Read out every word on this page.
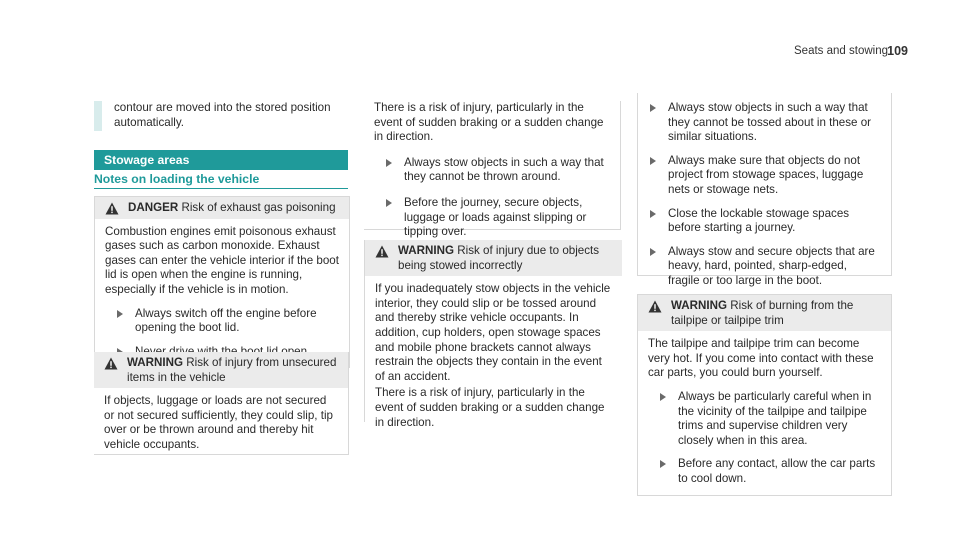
Seats and stowing 109

contour are moved into the stored position automatically.

Stowage areas
Notes on loading the vehicle

DANGER Risk of exhaust gas poisoning

Combustion engines emit poisonous exhaust gases such as carbon monoxide. Exhaust gases can enter the vehicle interior if the boot lid is open when the engine is running, especially if the vehicle is in motion.

Always switch off the engine before opening the boot lid.

WARNING Risk of injury from unsecured items in the vehicle

If objects, luggage or loads are not secured or not secured sufficiently, they could slip, tip over or be thrown around and thereby hit vehicle occupants.

There is a risk of injury, particularly in the event of sudden braking or a sudden change in direction.

Always stow objects in such a way that they cannot be thrown around.

Before the journey, secure objects, luggage or loads against slipping or tipping over.

WARNING Risk of injury due to objects being stowed incorrectly

If you inadequately stow objects in the vehicle interior, they could slip or be tossed around and thereby strike vehicle occupants. In addition, cup holders, open stowage spaces and mobile phone brackets cannot always restrain the objects they contain in the event of an accident.

There is a risk of injury, particularly in the event of sudden braking or a sudden change in direction.

Always stow objects in such a way that they cannot be tossed about in these or similar situations.

Always make sure that objects do not project from stowage spaces, luggage nets or stowage nets.

Close the lockable stowage spaces before starting a journey.

Always stow and secure objects that are heavy, hard, pointed, sharp-edged, fragile or too large in the boot.

WARNING Risk of burning from the tailpipe or tailpipe trim

The tailpipe and tailpipe trim can become very hot. If you come into contact with these car parts, you could burn yourself.

Always be particularly careful when in the vicinity of the tailpipe and tailpipe trims and supervise children very closely when in this area.

Before any contact, allow the car parts to cool down.
